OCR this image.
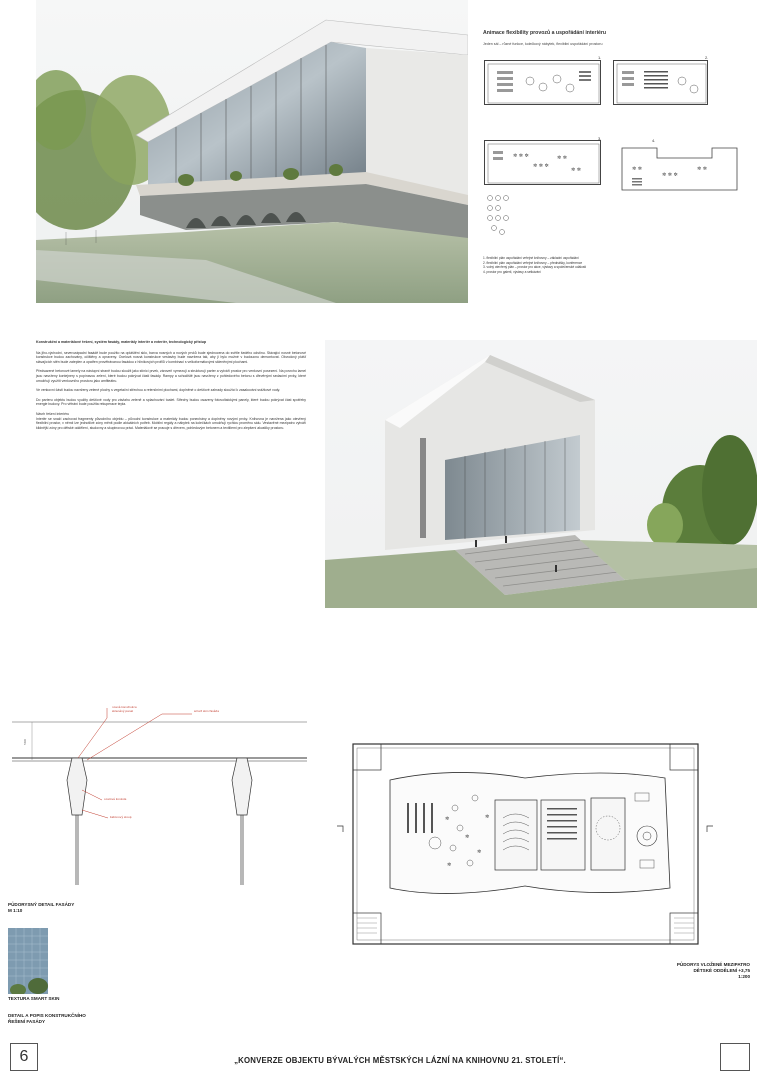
Animace flexibility provozů a uspořádání interiéru
Jeden sál – různé funkce, kolečkový nábytek, flexibilní uspořádání prostoru
1.	2.
✲ ✲ ✲
✲ ✲ ✲
✲ ✲
✲ ✲
3.
✲ ✲
✲ ✲ ✲
✲ ✲
4.
1. flexibilní plán uspořádání veřejné knihovny – základní uspořádání
2. flexibilní plán uspořádání veřejné knihovny – přednášky, konference
3. volný otevřený plán – prostor pro akce, výstavy a společenské události
4. prostor pro galerii, výstavy a setkávání
Konstrukční a materiálové řešení, systém fasády, materiály interiér a exteriér, technologický přístup

Na jiho-východní, severozápadní fasádě bude použito na opláštění sklo, barva nosných a nových prvků bude sjednocena do světle šedého odstínu. Stávající nosné betonové konstrukce budou zachovány, očištěny a opraveny. Ocelová nosná konstrukce vestavby bude navržena tak, aby ji bylo možné v budoucnu demontovat. Obvodový plášť stávajících stěn bude zateplen a opatřen provětrávanou fasádou z hliníkových profilů v kombinaci s velkoformátovými skleněnými plochami.

Předsazené betonové lamely na nástupní straně budou sloužit jako stínicí prvek, zároveň vymezují a strukturují parter a vytváří prostor pro venkovní posezení. Na povrchu lamel jsou navrženy kontejnery s popínavou zelení, které budou pokrývat části fasády. Rampy a schodiště jsou navrženy z pohledového betonu s dřevěnými sedacími prvky, které umožňují využití venkovního prostoru jako amfiteátru.

Ve venkovní části budou navrženy zelené plochy s vegetační střechou a retenčními plochami, doplněné o dešťové zahrady sloužící k zasakování srážkové vody.

Do parteru objektu budou využity dešťové vody pro závlahu zeleně a splachování toalet. Střechy budou osazeny fotovoltaickými panely, které budou pokrývat část spotřeby energie budovy. Pro větrání bude použita rekuperace tepla.

Návrh řešení interiéru

Interiér se snaží zachovat fragmenty původního objektu – původní konstrukce a materiály budou ponechány a doplněny novými prvky. Knihovna je navržena jako otevřený flexibilní prostor, v němž lze jednotlivé zóny měnit podle aktuálních potřeb. Mobilní regály a nábytek na kolečkách umožňují rychlou proměnu sálu. Vestavěné mezipatro vytváří klidnější zóny pro dětské oddělení, studovny a skupinovou práci. Materiálově se pracuje s dřevem, pohledovým betonem a textiliemi pro zlepšení akustiky prostoru.

590
nosná konstrukce
skleněný panel	smart skin fasáda
ocelová konzole
betonový sloup
PŮDORYSNÝ DETAIL FASÁDY
M 1:10
TEXTURA SMART SKIN
DETAIL A POPIS KONSTRUKČNÍHO
ŘEŠENÍ FASÁDY
✲
✲
✲
✲
✲
PŮDORYS VLOŽENÉ MEZIPATRO
DĚTSKÉ ODDĚLENÍ +3,75
1:200
6	„KONVERZE OBJEKTU BÝVALÝCH MĚSTSKÝCH LÁZNÍ NA KNIHOVNU 21. STOLETÍ“.
